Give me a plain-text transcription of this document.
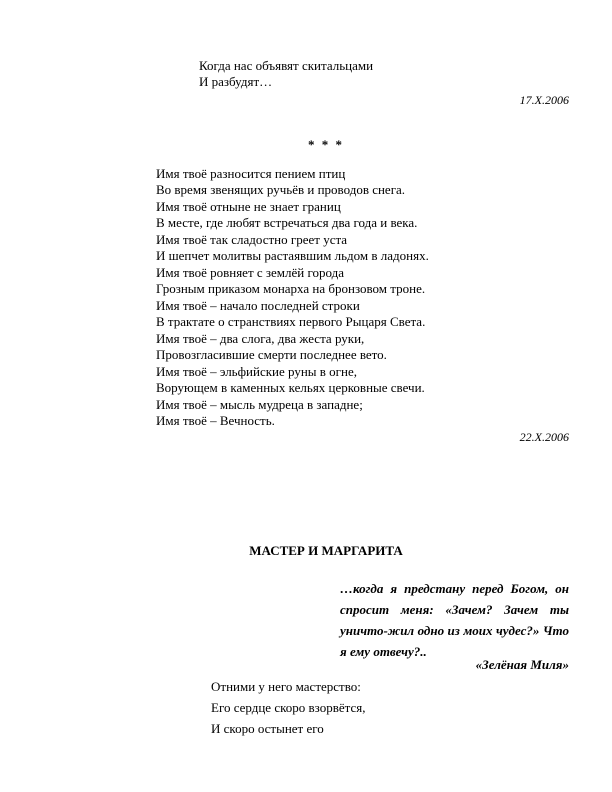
Когда нас объявят скитальцами
И разбудят…
17.X.2006
* * *
Имя твоё разносится пением птиц
Во время звенящих ручьёв и проводов снега.
Имя твоё отныне не знает границ
В месте, где любят встречаться два года и века.
Имя твоё так сладостно греет уста
И шепчет молитвы растаявшим льдом в ладонях.
Имя твоё ровняет с землёй города
Грозным приказом монарха на бронзовом троне.
Имя твоё – начало последней строки
В трактате о странствиях первого Рыцаря Света.
Имя твоё – два слога, два жеста руки,
Провозгласившие смерти последнее вето.
Имя твоё – эльфийские руны в огне,
Ворующем в каменных кельях церковные свечи.
Имя твоё – мысль мудреца в западне;
Имя твоё – Вечность.
22.X.2006
МАСТЕР И МАРГАРИТА
…когда я предстану перед Богом, он спросит меня: «Зачем? Зачем ты уничто-жил одно из моих чудес?» Что я ему отвечу?..
«Зелёная Миля»
Отними у него мастерство:
Его сердце скоро взорвётся,
И скоро остынет его
